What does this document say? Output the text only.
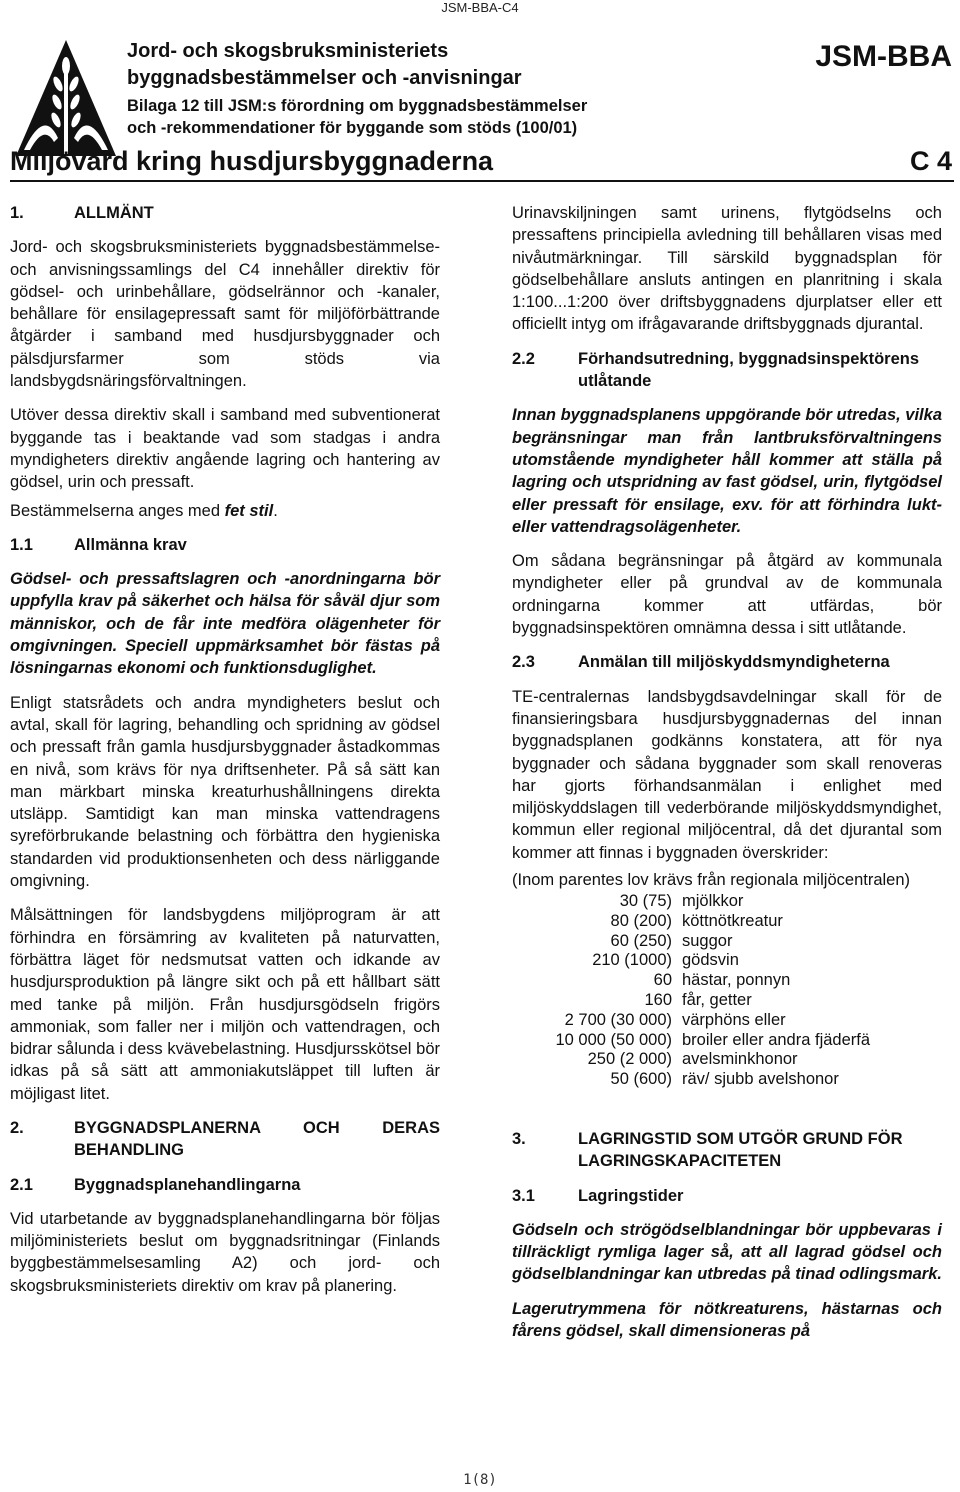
JSM-BBA-C4
Jord- och skogsbruksministeriets
byggnadsbestämmelser och -anvisningar
Bilaga 12 till JSM:s förordning om byggnadsbestämmelser
och -rekommendationer för byggande som stöds (100/01)
JSM-BBA
Miljövård kring husdjursbyggnaderna	C 4
1.	ALLMÄNT

Jord- och skogsbruksministeriets byggnadsbestämmelse- och anvisningssamlings del C4 innehåller direktiv för gödsel- och urinbehållare, gödselrännor och -kanaler, behållare för ensilagepressaft samt för miljöförbättrande åtgärder i samband med husdjursbyggnader och pälsdjursfarmer som stöds via landsbygdsnäringsförvaltningen.

Utöver dessa direktiv skall i samband med subventionerat byggande tas i beaktande vad som stadgas i andra myndigheters direktiv angående lagring och hantering av gödsel, urin och pressaft.

Bestämmelserna anges med fet stil.

1.1	Allmänna krav

Gödsel- och pressaftslagren och -anordningarna bör uppfylla krav på säkerhet och hälsa för såväl djur som människor, och de får inte medföra olägenheter för omgivningen. Speciell uppmärksamhet bör fästas på lösningarnas ekonomi och funktionsduglighet.

Enligt statsrådets och andra myndigheters beslut och avtal, skall för lagring, behandling och spridning av gödsel och pressaft från gamla husdjursbyggnader åstadkommas en nivå, som krävs för nya driftsenheter. På så sätt kan man märkbart minska kreaturhushållningens direkta utsläpp. Samtidigt kan man minska vattendragens syreförbrukande belastning och förbättra den hygieniska standarden vid produktionsenheten och dess närliggande omgivning.

Målsättningen för landsbygdens miljöprogram är att förhindra en försämring av kvaliteten på naturvatten, förbättra läget för nedsmutsat vatten och idkande av husdjursproduktion på längre sikt och på ett hållbart sätt med tanke på miljön. Från husdjursgödseln frigörs ammoniak, som faller ner i miljön och vattendragen, och bidrar sålunda i dess kvävebelastning. Husdjursskötsel bör idkas på så sätt att ammoniakutsläppet till luften är möjligast litet.

2.	BYGGNADSPLANERNA OCH DERAS BEHANDLING
2.1	Byggnadsplanehandlingarna

Vid utarbetande av byggnadsplanehandlingarna bör följas miljöministeriets beslut om byggnadsritningar (Finlands byggbestämmelsesamling A2) och jord- och skogsbruksministeriets direktiv om krav på planering.

Urinavskiljningen samt urinens, flytgödselns och pressaftens principiella avledning till behållaren visas med nivåutmärkningar. Till särskild byggnadsplan för gödselbehållare ansluts antingen en planritning i skala 1:100...1:200 över driftsbyggnadens djurplatser eller ett officiellt intyg om ifrågavarande driftsbyggnads djurantal.

2.2	Förhandsutredning, byggnadsinspektörens utlåtande

Innan byggnadsplanens uppgörande bör utredas, vilka begränsningar man från lantbruksförvaltningens utomstående myndigheter håll kommer att ställa på lagring och utspridning av fast gödsel, urin, flytgödsel eller pressaft för ensilage, exv. för att förhindra lukt- eller vattendragsolägenheter.

Om sådana begränsningar på åtgärd av kommunala myndigheter eller på grundval av de kommunala ordningarna kommer att utfärdas, bör byggnadsinspektören omnämna dessa i sitt utlåtande.

2.3	Anmälan till miljöskyddsmyndigheterna

TE-centralernas landsbygdsavdelningar skall för de finansieringsbara husdjursbyggnadernas del innan byggnadsplanen godkänns konstatera, att för nya byggnader och sådana byggnader som skall renoveras har gjorts förhandsanmälan i enlighet med miljöskyddslagen till vederbörande miljöskyddsmyndighet, kommun eller regional miljöcentral, då det djurantal som kommer att finnas i byggnaden överskrider:

(Inom parentes lov krävs från regionala miljöcentralen)
30 (75) mjölkkor
80 (200) köttnötkreatur
60 (250) suggor
210 (1000) gödsvin
60 hästar, ponnyn
160 får, getter
2 700 (30 000) värphöns eller
10 000 (50 000) broiler eller andra fjäderfä
250 (2 000) avelsminkhonor
50 (600) räv/ sjubb avelshonor
3.	LAGRINGSTID SOM UTGÖR GRUND FÖR LAGRINGSKAPACITETEN
3.1	Lagringstider

Gödseln och strögödselblandningar bör uppbevaras i tillräckligt rymliga lager så, att all lagrad gödsel och gödselblandningar kan utbredas på tinad odlingsmark.

Lagerutrymmena för nötkreaturens, hästarnas och fårens gödsel, skall dimensioneras på

1(8)
